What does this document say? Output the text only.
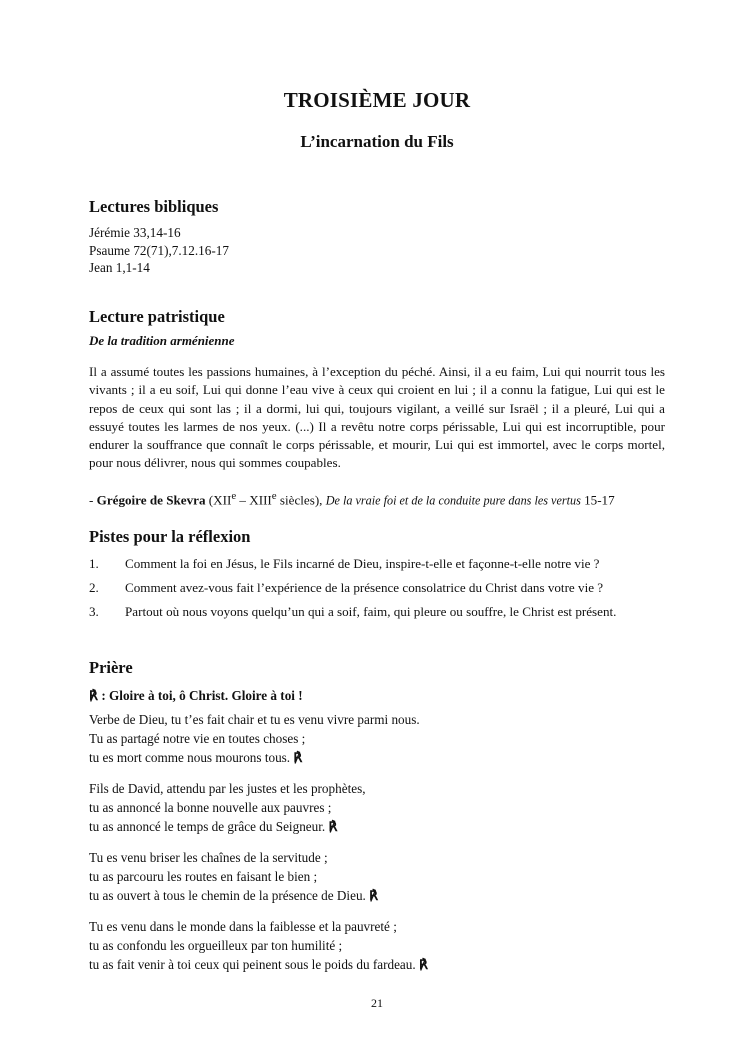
TROISIÈME JOUR
L’incarnation du Fils
Lectures bibliques
Jérémie 33,14-16
Psaume 72(71),7.12.16-17
Jean 1,1-14
Lecture patristique
De la tradition arménienne
Il a assumé toutes les passions humaines, à l’exception du péché. Ainsi, il a eu faim, Lui qui nourrit tous les vivants ; il a eu soif, Lui qui donne l’eau vive à ceux qui croient en lui ; il a connu la fatigue, Lui qui est le repos de ceux qui sont las ; il a dormi, lui qui, toujours vigilant, a veillé sur Israël ; il a pleuré, Lui qui a essuyé toutes les larmes de nos yeux. (...) Il a revêtu notre corps périssable, Lui qui est incorruptible, pour endurer la souffrance que connaît le corps périssable, et mourir, Lui qui est immortel, avec le corps mortel, pour nous délivrer, nous qui sommes coupables.
- Grégoire de Skevra (XIIe – XIIIe siècles), De la vraie foi et de la conduite pure dans les vertus 15-17
Pistes pour la réflexion
1. Comment la foi en Jésus, le Fils incarné de Dieu, inspire-t-elle et façonne-t-elle notre vie ?
2. Comment avez-vous fait l’expérience de la présence consolatrice du Christ dans votre vie ?
3. Partout où nous voyons quelqu’un qui a soif, faim, qui pleure ou souffre, le Christ est présent.
Prière
℟ : Gloire à toi, ô Christ. Gloire à toi !
Verbe de Dieu, tu t’es fait chair et tu es venu vivre parmi nous.
Tu as partagé notre vie en toutes choses ;
tu es mort comme nous mourons tous. ℟
Fils de David, attendu par les justes et les prophètes,
tu as annoncé la bonne nouvelle aux pauvres ;
tu as annoncé le temps de grâce du Seigneur. ℟
Tu es venu briser les chaînes de la servitude ;
tu as parcouru les routes en faisant le bien ;
tu as ouvert à tous le chemin de la présence de Dieu. ℟
Tu es venu dans le monde dans la faiblesse et la pauvreté ;
tu as confondu les orgueilleux par ton humilité ;
tu as fait venir à toi ceux qui peinent sous le poids du fardeau. ℟
21
